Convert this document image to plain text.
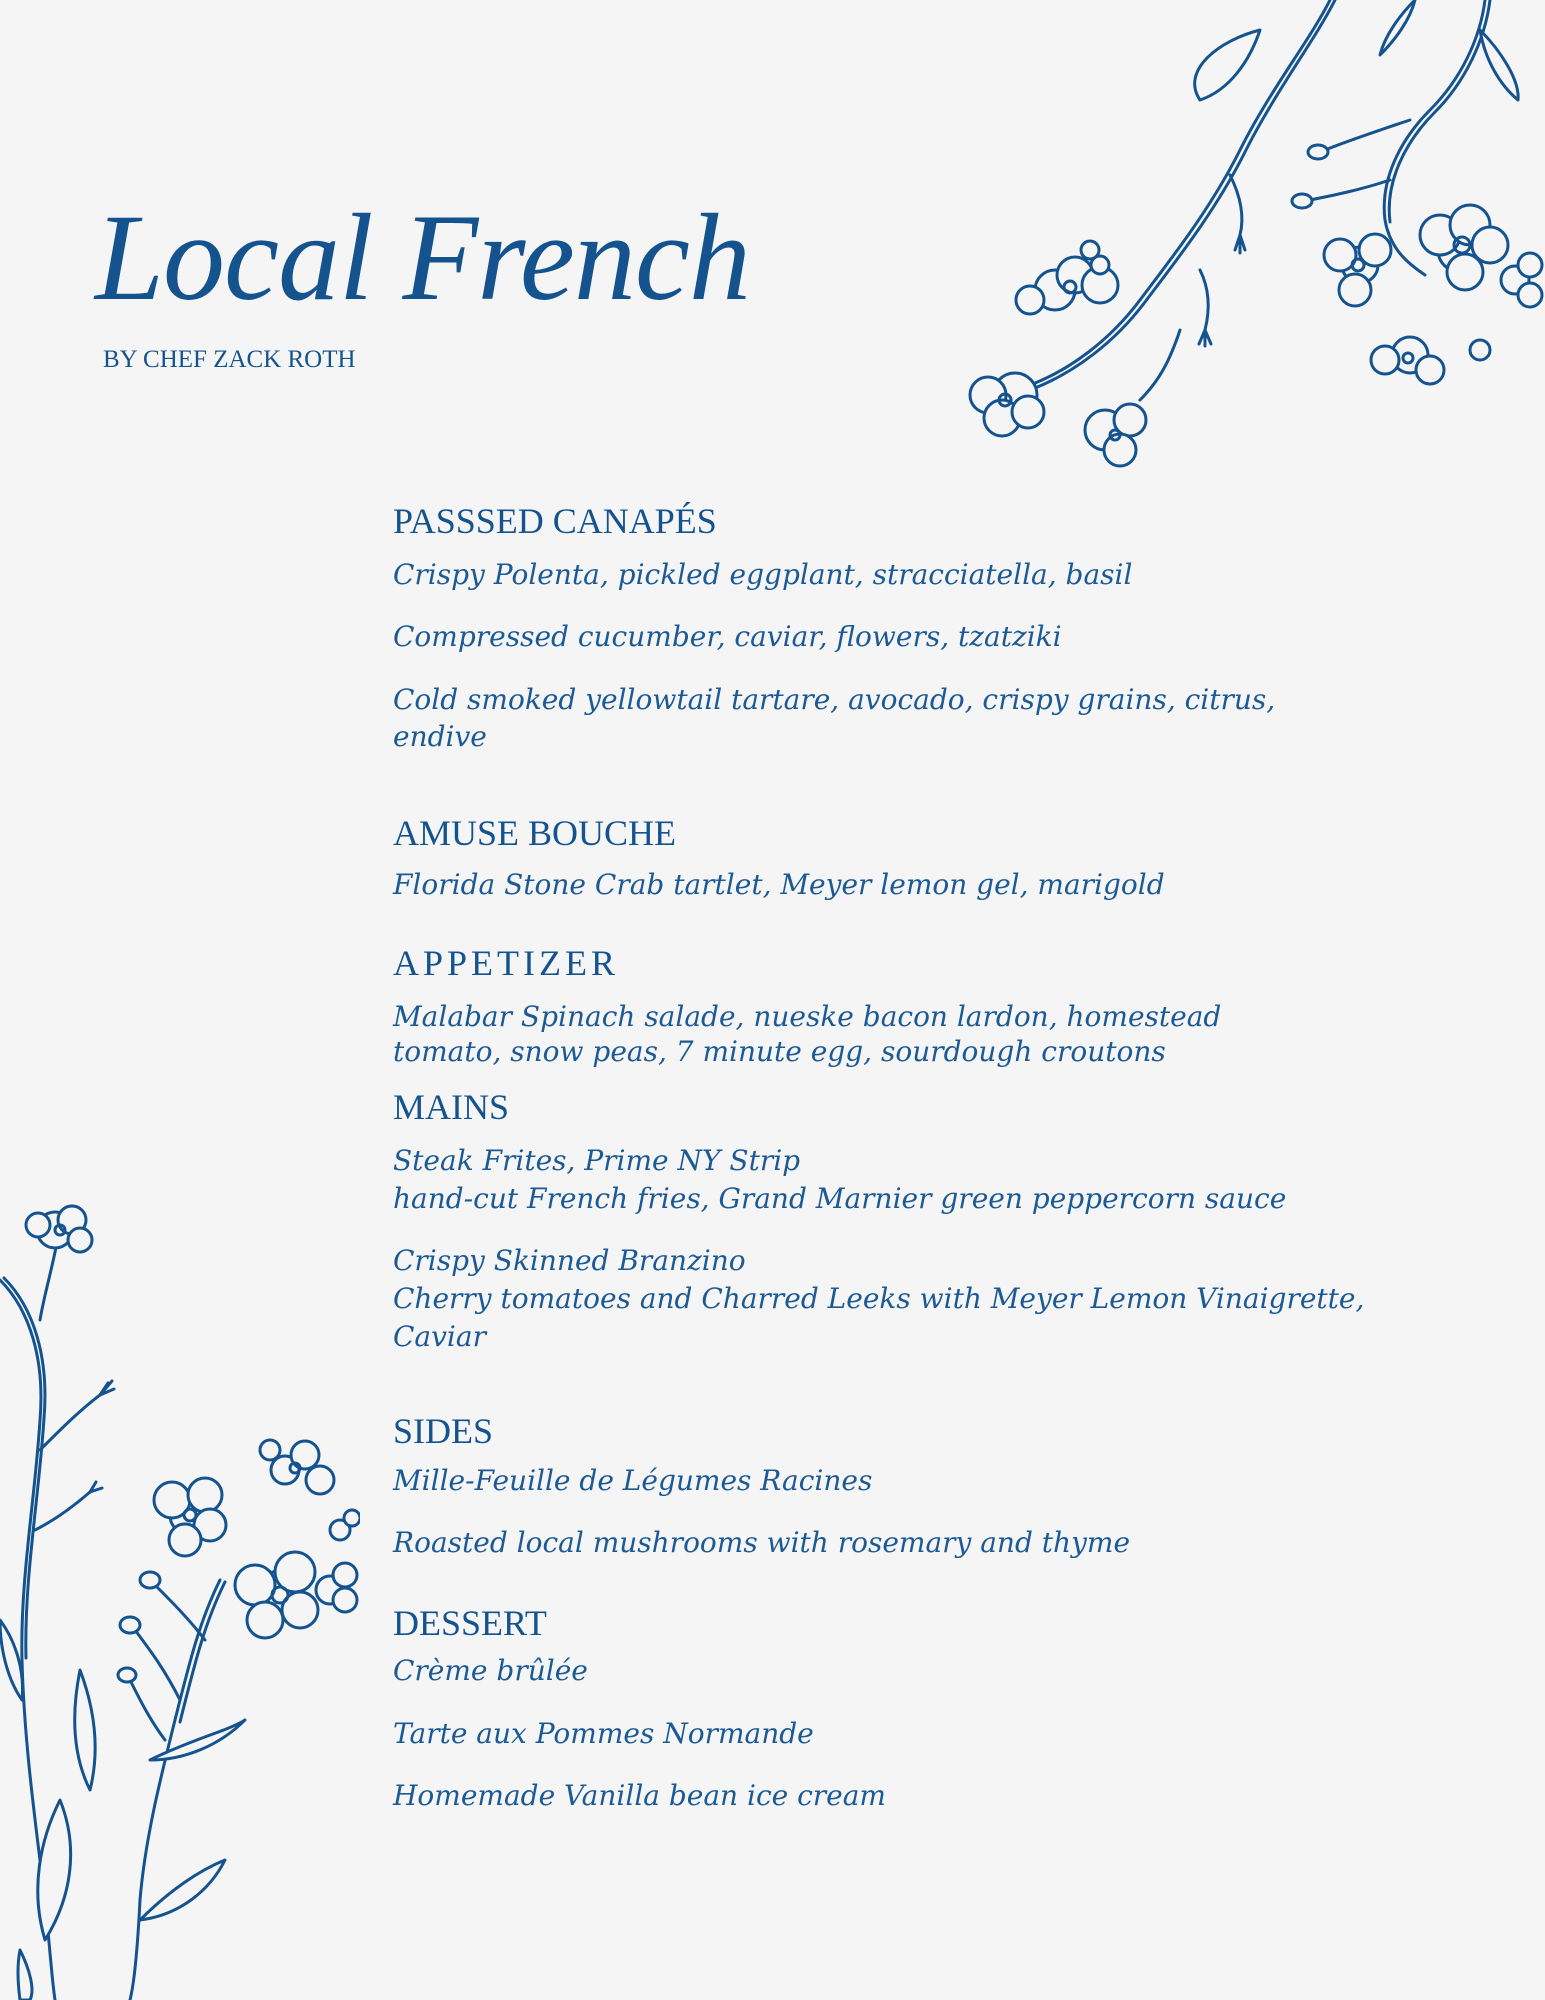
Local French
BY CHEF ZACK ROTH
PASSSED CANAPÉS
Crispy Polenta, pickled eggplant, stracciatella, basil
Compressed cucumber, caviar, flowers, tzatziki
Cold smoked yellowtail tartare, avocado, crispy grains, citrus,
endive
AMUSE BOUCHE
Florida Stone Crab tartlet, Meyer lemon gel, marigold
APPETIZER
Malabar Spinach salade, nueske bacon lardon, homestead
tomato, snow peas, 7 minute egg, sourdough croutons
MAINS
Steak Frites, Prime NY Strip
hand-cut French fries, Grand Marnier green peppercorn sauce
Crispy Skinned Branzino
Cherry tomatoes and Charred Leeks with Meyer Lemon Vinaigrette,
Caviar
SIDES
Mille-Feuille de Légumes Racines
Roasted local mushrooms with rosemary and thyme
DESSERT
Crème brûlée
Tarte aux Pommes Normande
Homemade Vanilla bean ice cream
